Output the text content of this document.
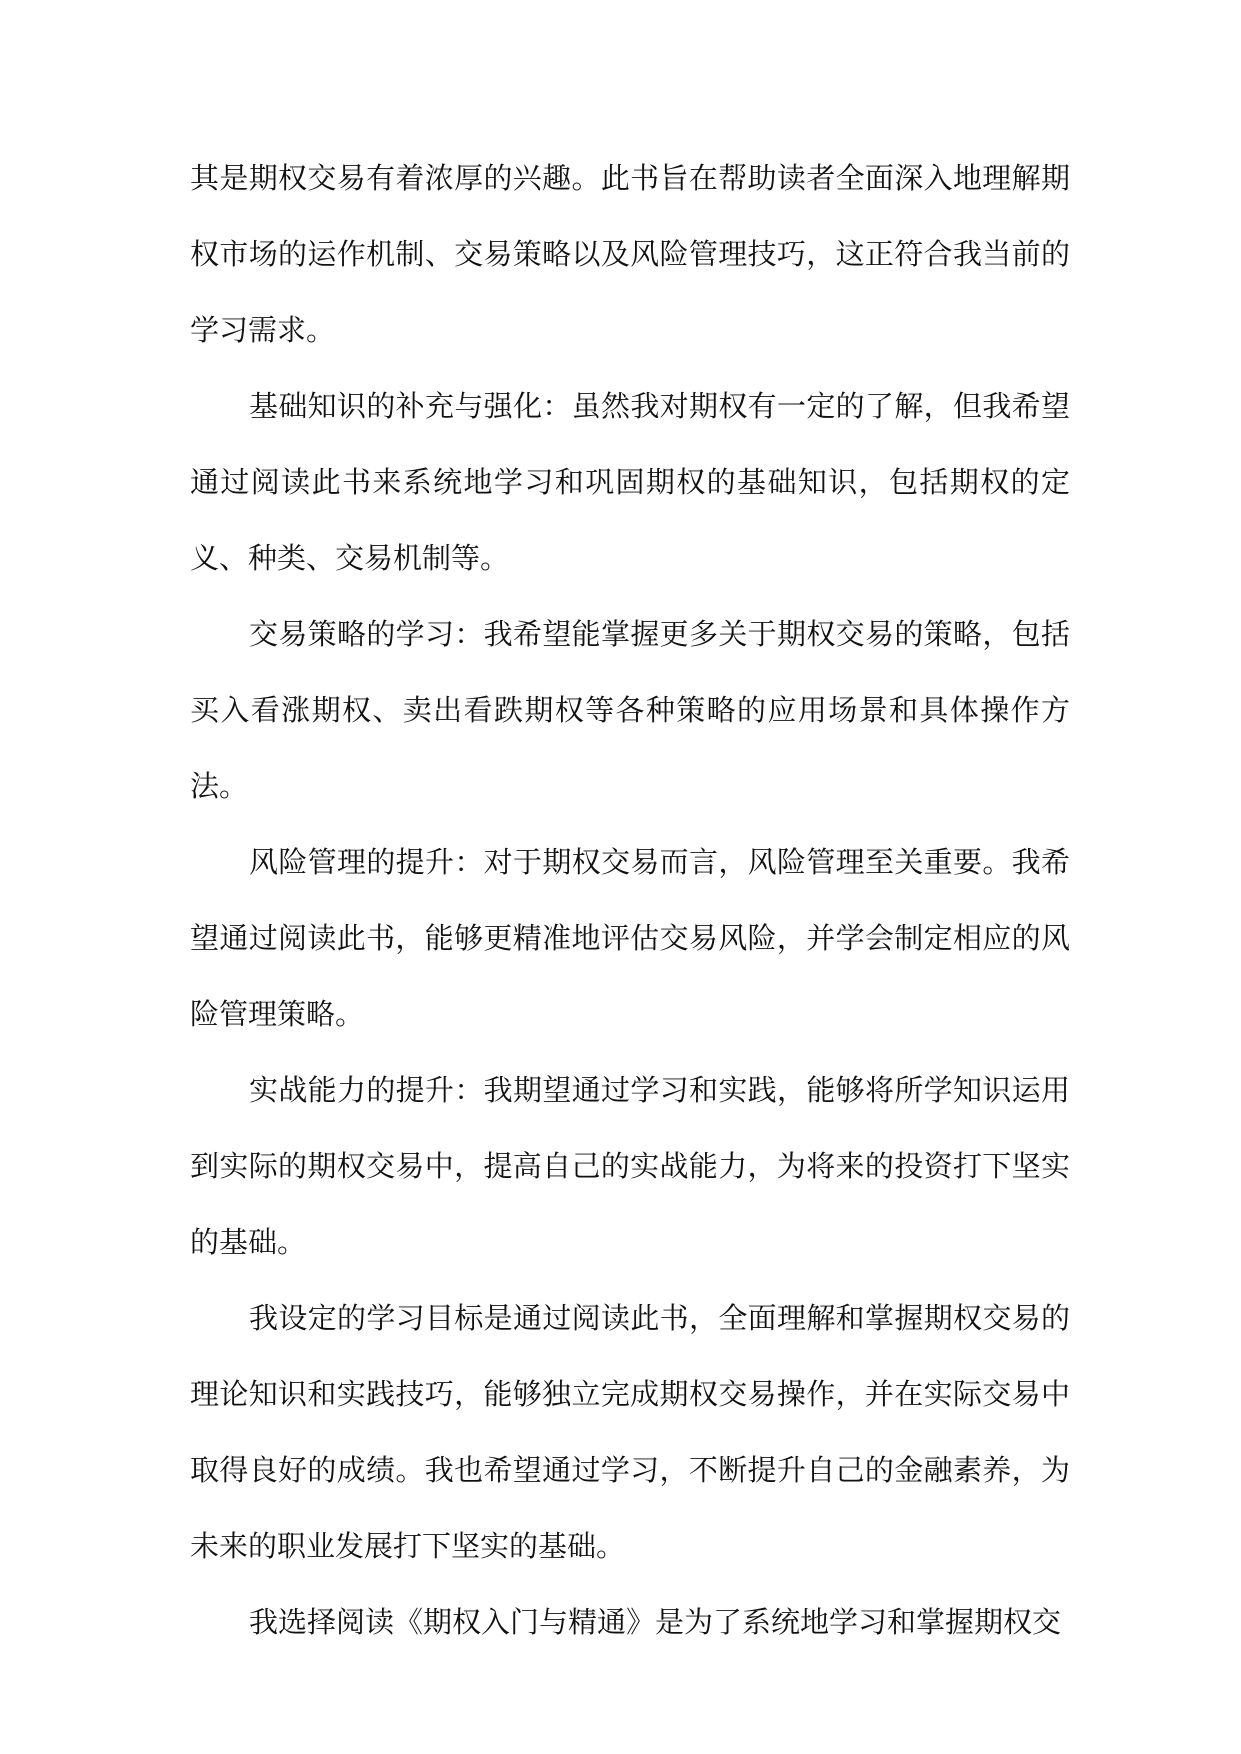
其是期权交易有着浓厚的兴趣。此书旨在帮助读者全面深入地理解期权市场的运作机制、交易策略以及风险管理技巧，这正符合我当前的学习需求。

基础知识的补充与强化：虽然我对期权有一定的了解，但我希望通过阅读此书来系统地学习和巩固期权的基础知识，包括期权的定义、种类、交易机制等。

交易策略的学习：我希望能掌握更多关于期权交易的策略，包括买入看涨期权、卖出看跌期权等各种策略的应用场景和具体操作方法。

风险管理的提升：对于期权交易而言，风险管理至关重要。我希望通过阅读此书，能够更精准地评估交易风险，并学会制定相应的风险管理策略。

实战能力的提升：我期望通过学习和实践，能够将所学知识运用到实际的期权交易中，提高自己的实战能力，为将来的投资打下坚实的基础。

我设定的学习目标是通过阅读此书，全面理解和掌握期权交易的理论知识和实践技巧，能够独立完成期权交易操作，并在实际交易中取得良好的成绩。我也希望通过学习，不断提升自己的金融素养，为未来的职业发展打下坚实的基础。

我选择阅读《期权入门与精通》是为了系统地学习和掌握期权交
